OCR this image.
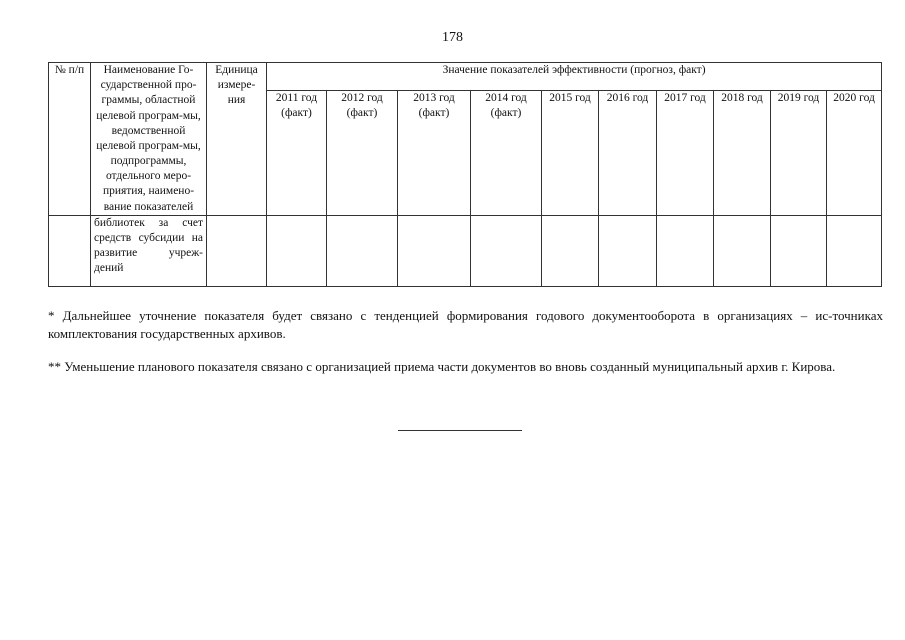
178
№ п/п	Наименование Го-сударственной про-граммы, областной целевой програм-мы, ведомственной целевой програм-мы, подпрограммы, отдельного меро-приятия, наимено-вание показателей	Единица измере-ния	Значение показателей эффективности (прогноз, факт)									
			2011 год (факт)	2012 год (факт)	2013 год (факт)	2014 год (факт)	2015 год	2016 год	2017 год	2018 год	2019 год	2020 год
	библиотек за счет средств субсидии на развитие учреж-дений											
* Дальнейшее уточнение показателя будет связано с тенденцией формирования годового документооборота в организациях – ис-точниках комплектования государственных архивов.
** Уменьшение планового показателя связано с организацией приема части документов во вновь созданный муниципальный архив г. Кирова.
